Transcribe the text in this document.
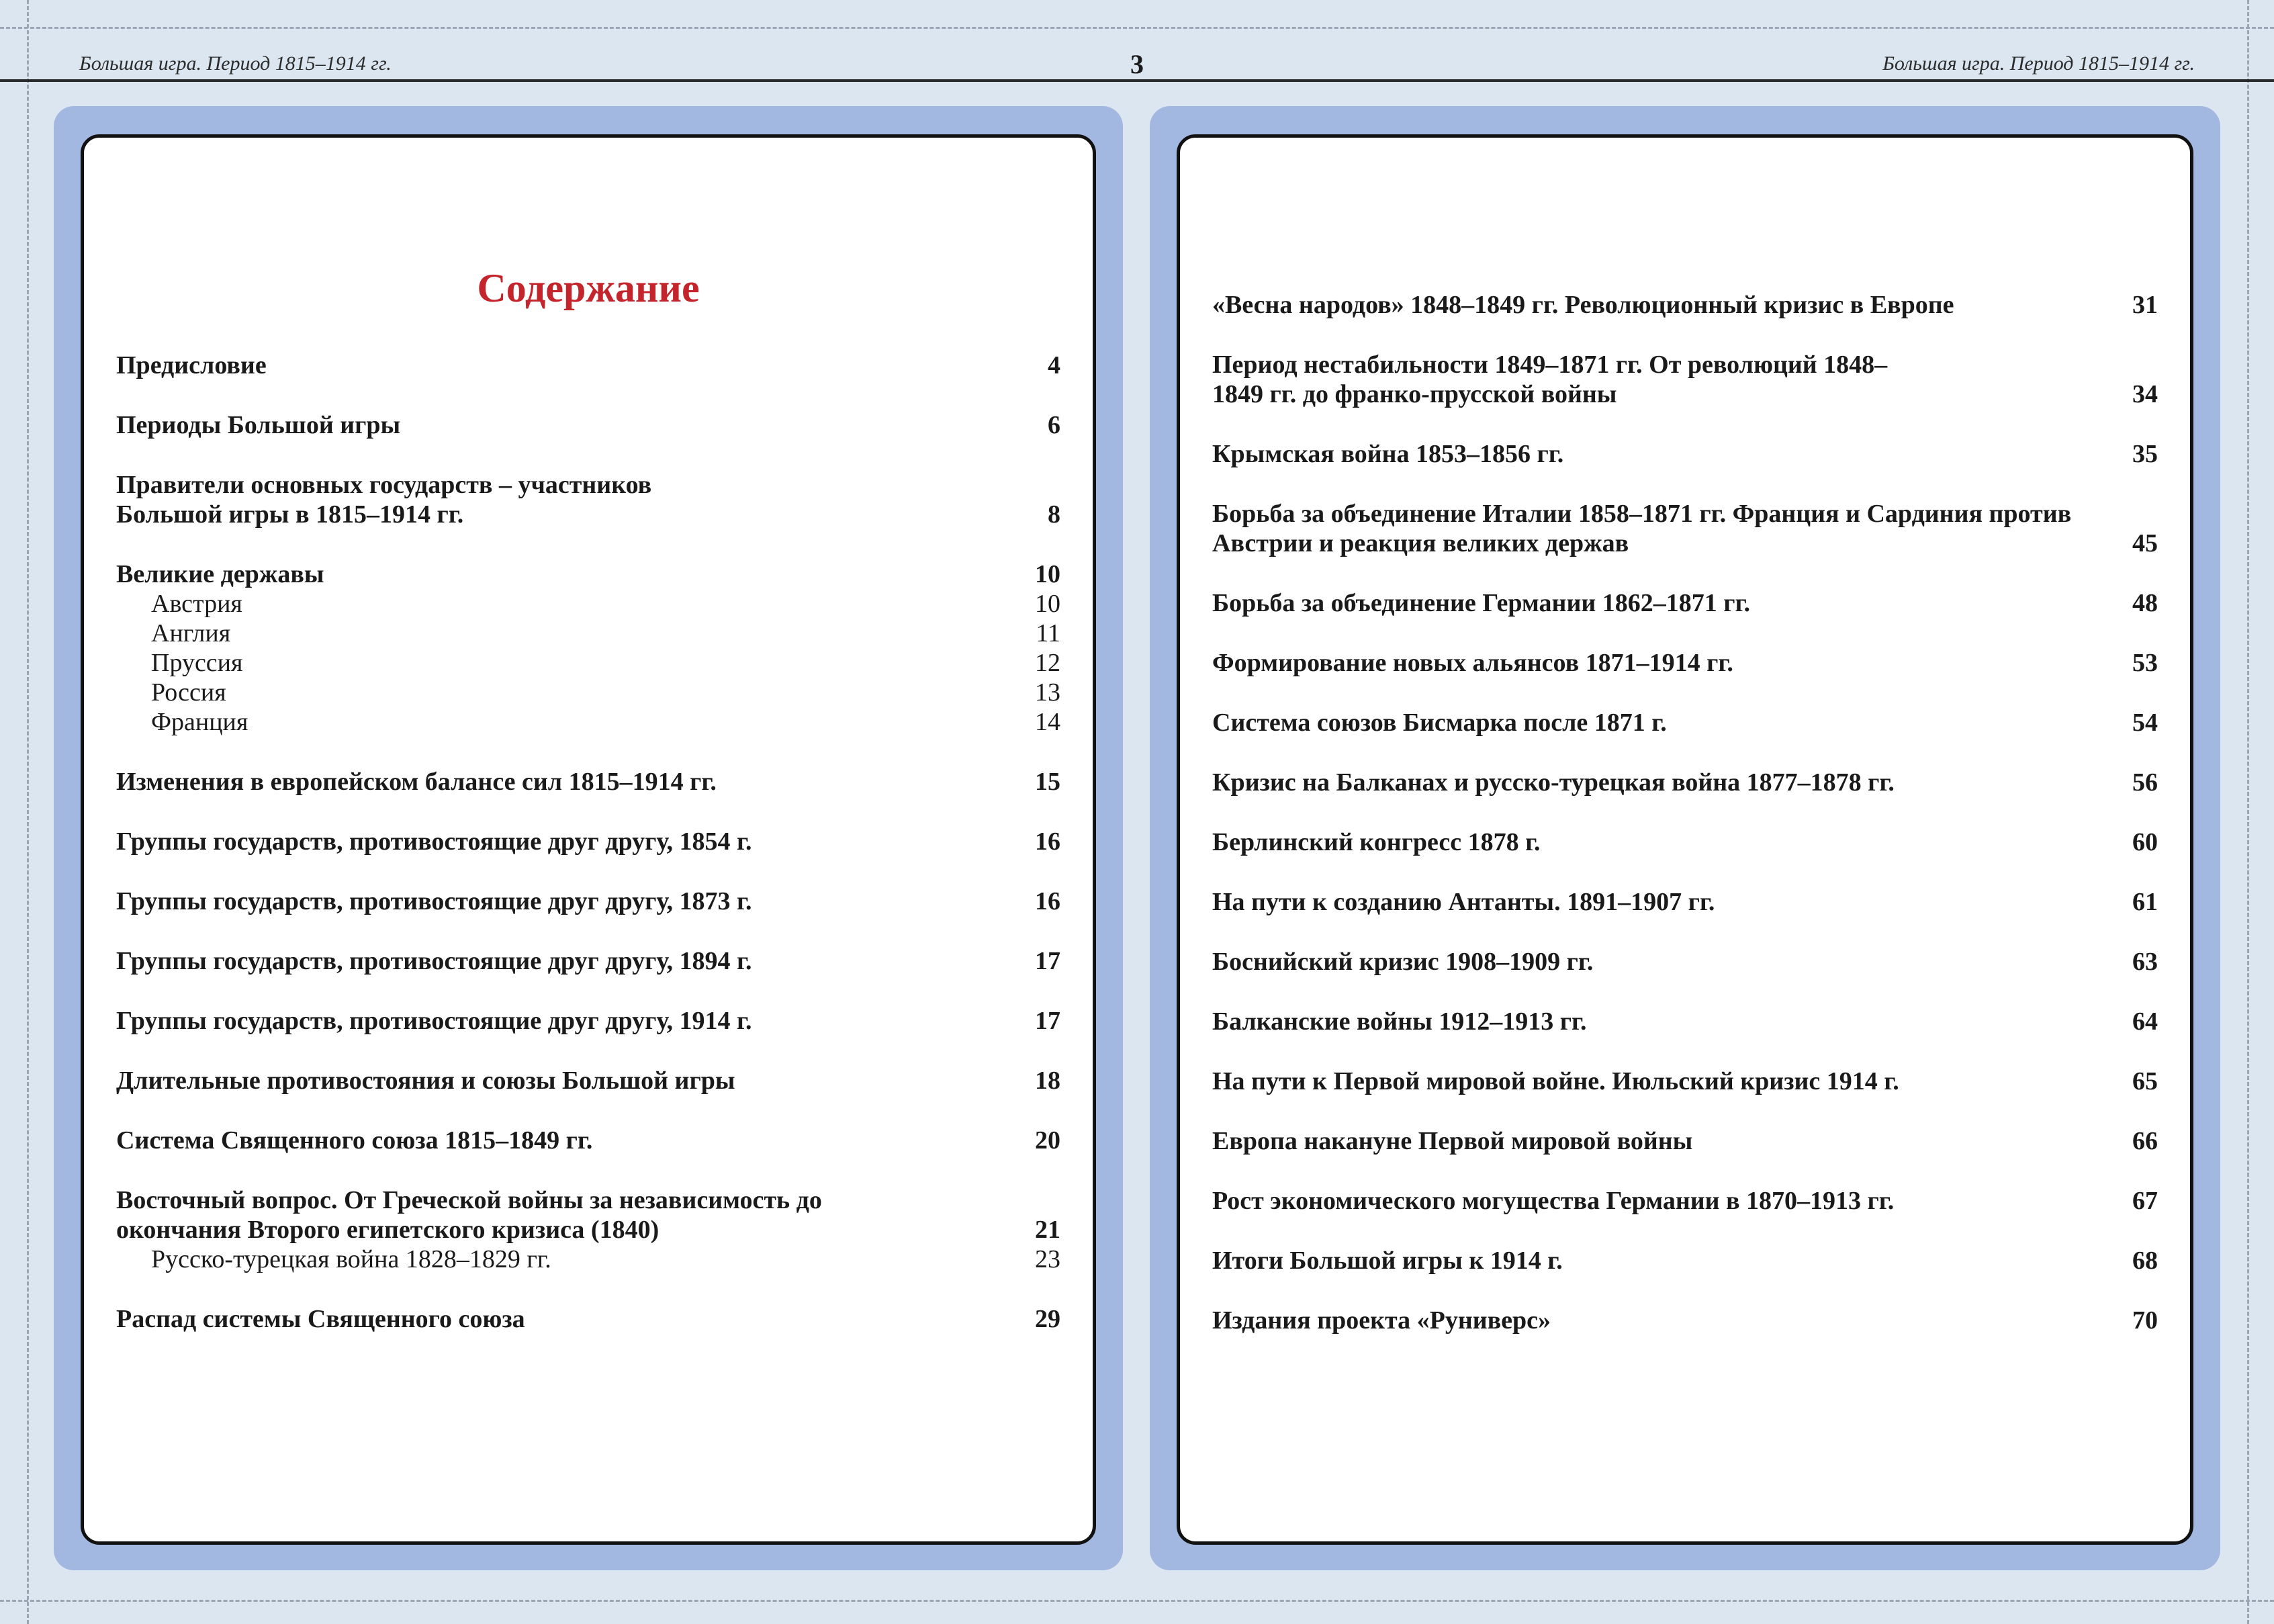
Большая игра. Период 1815–1914 гг.	3	Большая игра. Период 1815–1914 гг.
Содержание
Предисловие	4
Периоды Большой игры	6
Правители основных государств – участников Большой игры в 1815–1914 гг.	8
Великие державы	10
Австрия	10
Англия	11
Пруссия	12
Россия	13
Франция	14
Изменения в европейском балансе сил 1815–1914 гг.	15
Группы государств, противостоящие друг другу, 1854 г.	16
Группы государств, противостоящие друг другу, 1873 г.	16
Группы государств, противостоящие друг другу, 1894 г.	17
Группы государств, противостоящие друг другу, 1914 г.	17
Длительные противостояния и союзы Большой игры	18
Система Священного союза 1815–1849 гг.	20
Восточный вопрос. От Греческой войны за независимость до окончания Второго египетского кризиса (1840)	21
Русско-турецкая война 1828–1829 гг.	23
Распад системы Священного союза	29
«Весна народов» 1848–1849 гг. Революционный кризис в Европе	31
Период нестабильности 1849–1871 гг. От революций 1848–1849 гг. до франко-прусской войны	34
Крымская война 1853–1856 гг.	35
Борьба за объединение Италии 1858–1871 гг. Франция и Сардиния против Австрии и реакция великих держав	45
Борьба за объединение Германии 1862–1871 гг.	48
Формирование новых альянсов 1871–1914 гг.	53
Система союзов Бисмарка после 1871 г.	54
Кризис на Балканах и русско-турецкая война 1877–1878 гг.	56
Берлинский конгресс 1878 г.	60
На пути к созданию Антанты. 1891–1907 гг.	61
Боснийский кризис 1908–1909 гг.	63
Балканские войны 1912–1913 гг.	64
На пути к Первой мировой войне. Июльский кризис 1914 г.	65
Европа накануне Первой мировой войны	66
Рост экономического могущества Германии в 1870–1913 гг.	67
Итоги Большой игры к 1914 г.	68
Издания проекта «Руниверс»	70
